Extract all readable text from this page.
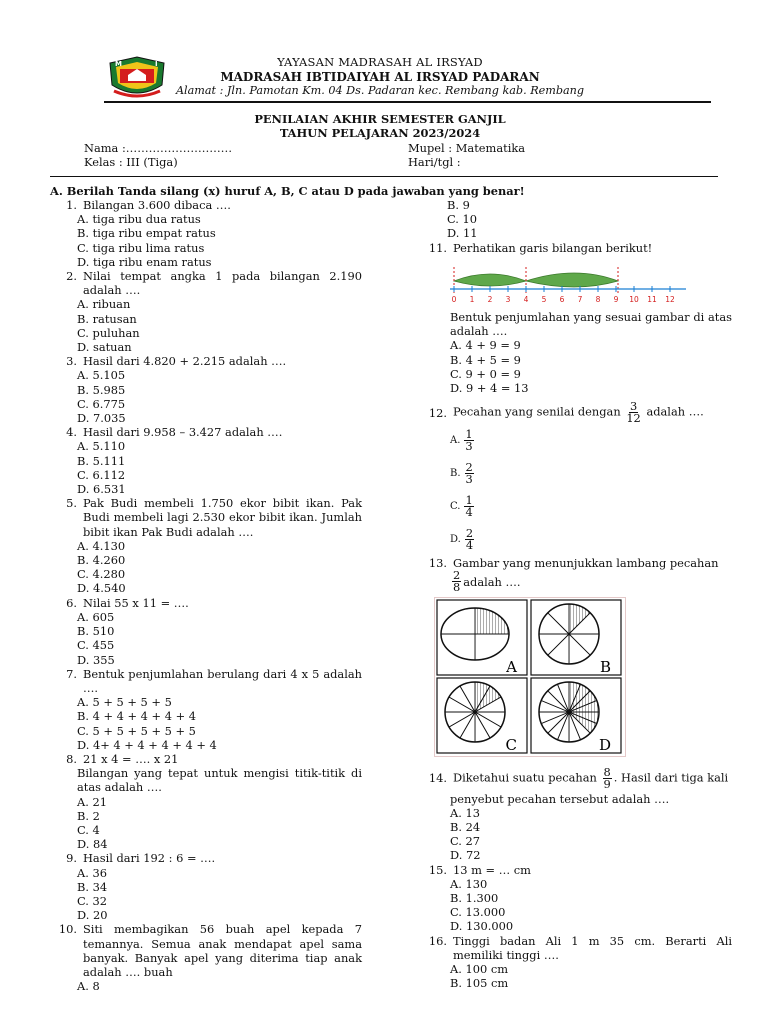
M	I	YAYASAN MADRASAH AL IRSYAD
MADRASAH IBTIDAIYAH AL IRSYAD PADARAN
Alamat : Jln. Pamotan Km. 04 Ds. Padaran kec. Rembang kab. Rembang
PENILAIAN AKHIR SEMESTER GANJIL
TAHUN PELAJARAN 2023/2024
Nama :……………………….
Kelas : III (Tiga)
Mupel : Matematika
Hari/tgl :
A. Berilah Tanda silang (x) huruf A, B, C atau D pada jawaban yang benar!
1. Bilangan 3.600 dibaca ….
A. tiga ribu dua ratus
B. tiga ribu empat ratus
C. tiga ribu lima ratus
D. tiga ribu enam ratus
2. Nilai tempat angka 1 pada bilangan 2.190 adalah ….
A. ribuan
B. ratusan
C. puluhan
D. satuan
3. Hasil dari 4.820 + 2.215 adalah ….
A. 5.105
B. 5.985
C. 6.775
D. 7.035
4. Hasil dari 9.958 – 3.427 adalah ….
A. 5.110
B. 5.111
C. 6.112
D. 6.531
5. Pak Budi membeli 1.750 ekor bibit ikan. Pak Budi membeli lagi 2.530 ekor bibit ikan. Jumlah bibit ikan Pak Budi adalah ….
A. 4.130
B. 4.260
C. 4.280
D. 4.540
6. Nilai 55 x 11 = ….
A. 605
B. 510
C. 455
D. 355
7. Bentuk penjumlahan berulang dari 4 x 5 adalah ….
A. 5 + 5 + 5 + 5
B. 4 + 4 + 4 + 4 + 4
C. 5 + 5 + 5 + 5 + 5
D. 4+ 4 + 4 + 4 + 4 + 4
8. 21 x 4 = …. x 21
Bilangan yang tepat untuk mengisi titik-titik di atas adalah ….
A. 21
B. 2
C. 4
D. 84
9. Hasil dari 192 : 6 = ….
A. 36
B. 34
C. 32
D. 20
10. Siti membagikan 56 buah apel kepada 7 temannya. Semua anak mendapat apel sama banyak. Banyak apel yang diterima tiap anak adalah …. buah
A. 8
B. 9
C. 10
D. 11
11. Perhatikan garis bilangan berikut!
0 1 2 3 4 5 6 7 8 9 10 11 12
Bentuk penjumlahan yang sesuai gambar di atas adalah ….
A. 4 + 9 = 9
B. 4 + 5 = 9
C. 9 + 0 = 9
D. 9 + 4 = 13
12. Pecahan yang senilai dengan $\frac{3}{12}$ adalah ….
A. $\frac{1}{3}$
B. $\frac{2}{3}$
C. $\frac{1}{4}$
D. $\frac{2}{4}$
13. Gambar yang menunjukkan lambang pecahan
$\frac{2}{8}$ adalah ….
A	B
C	D
14. Diketahui suatu pecahan $\frac{8}{9}$ . Hasil dari tiga kali
penyebut pecahan tersebut adalah ….
A. 13
B. 24
C. 27
D. 72
15. 13 m = … cm
A. 130
B. 1.300
C. 13.000
D. 130.000
16. Tinggi badan Ali 1 m 35 cm. Berarti Ali memiliki tinggi ….
A. 100 cm
B. 105 cm
